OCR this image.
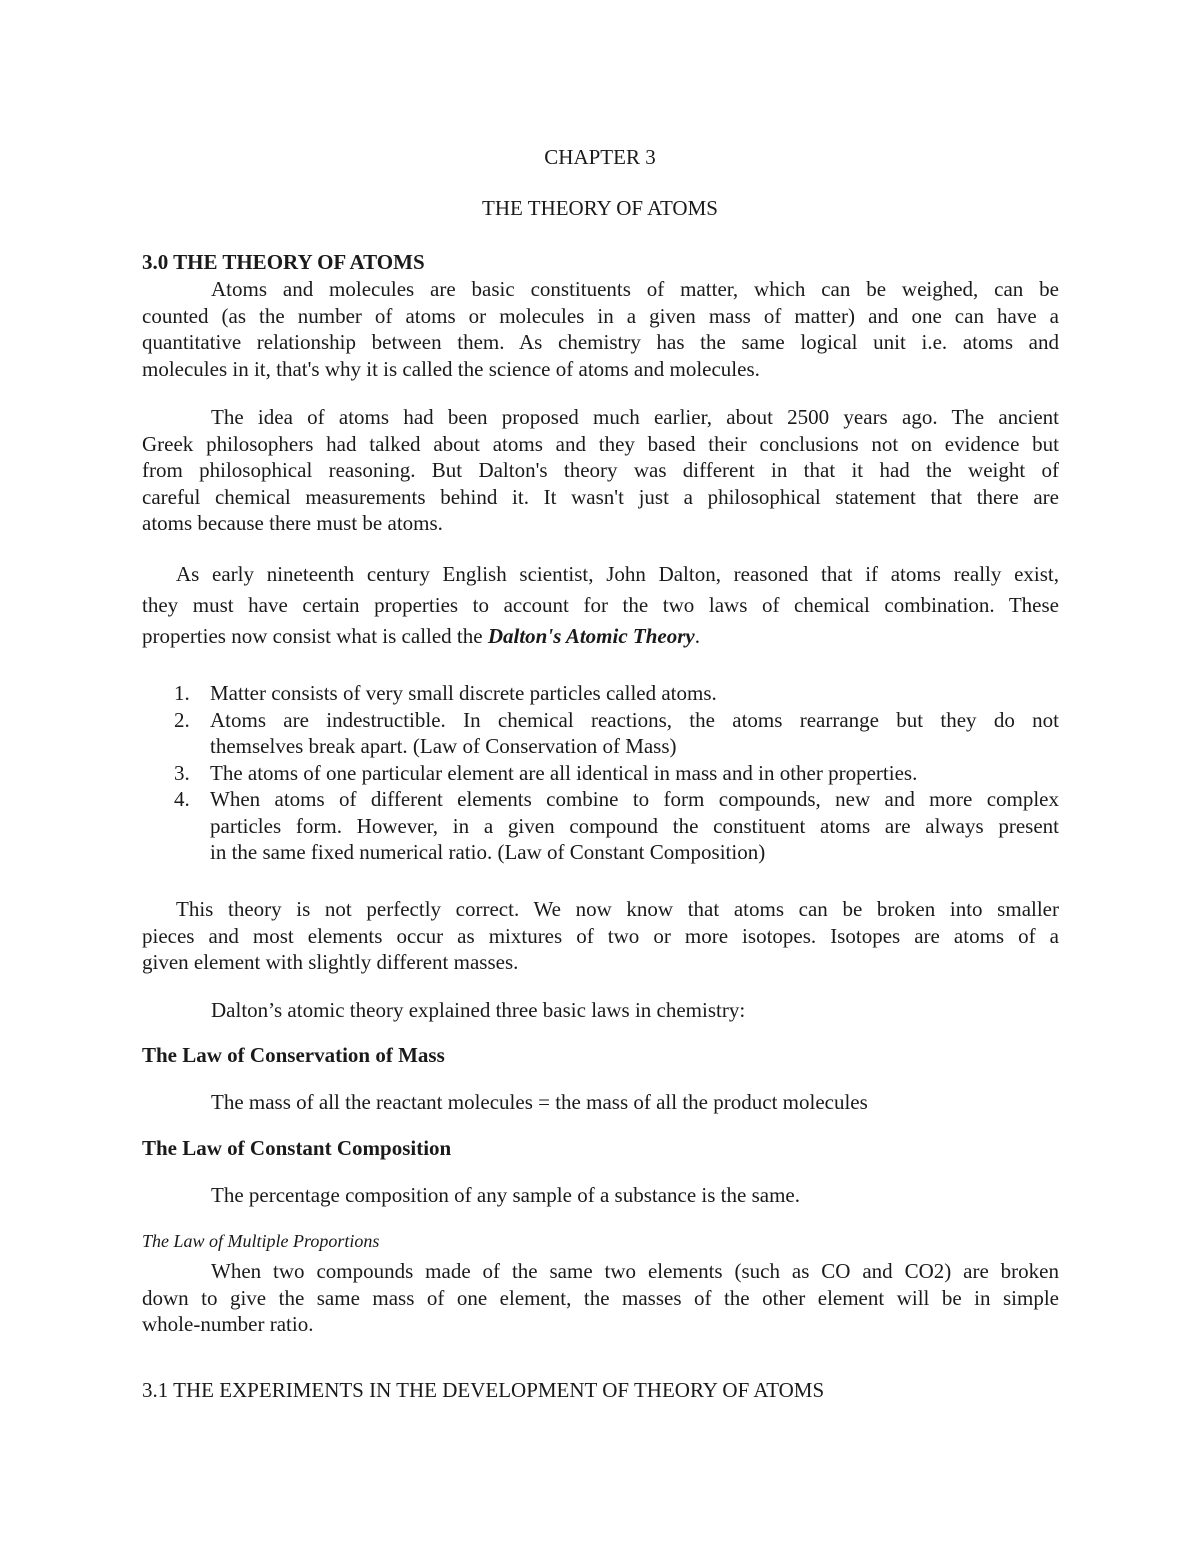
CHAPTER 3

THE THEORY OF ATOMS

3.0 THE THEORY OF ATOMS

Atoms and molecules are basic constituents of matter, which can be weighed, can be
counted (as the number of atoms or molecules in a given mass of matter) and one can have a
quantitative relationship between them. As chemistry has the same logical unit i.e. atoms and
molecules in it, that's why it is called the science of atoms and molecules.
The idea of atoms had been proposed much earlier, about 2500 years ago. The ancient
Greek philosophers had talked about atoms and they based their conclusions not on evidence but
from philosophical reasoning. But Dalton's theory was different in that it had the weight of
careful chemical measurements behind it. It wasn't just a philosophical statement that there are
atoms because there must be atoms.
As early nineteenth century English scientist, John Dalton, reasoned that if atoms really exist,
they must have certain properties to account for the two laws of chemical combination. These
properties now consist what is called the Dalton's Atomic Theory.
1. Matter consists of very small discrete particles called atoms.
2. Atoms are indestructible. In chemical reactions, the atoms rearrange but they do not
themselves break apart. (Law of Conservation of Mass)
3. The atoms of one particular element are all identical in mass and in other properties.
4. When atoms of different elements combine to form compounds, new and more complex
particles form. However, in a given compound the constituent atoms are always present
in the same fixed numerical ratio. (Law of Constant Composition)
This theory is not perfectly correct. We now know that atoms can be broken into smaller
pieces and most elements occur as mixtures of two or more isotopes. Isotopes are atoms of a
given element with slightly different masses.

Dalton’s atomic theory explained three basic laws in chemistry:

The Law of Conservation of Mass

The mass of all the reactant molecules = the mass of all the product molecules

The Law of Constant Composition

The percentage composition of any sample of a substance is the same.

The Law of Multiple Proportions

When two compounds made of the same two elements (such as CO and CO2) are broken
down to give the same mass of one element, the masses of the other element will be in simple
whole-number ratio.

3.1 THE EXPERIMENTS IN THE DEVELOPMENT OF THEORY OF ATOMS
